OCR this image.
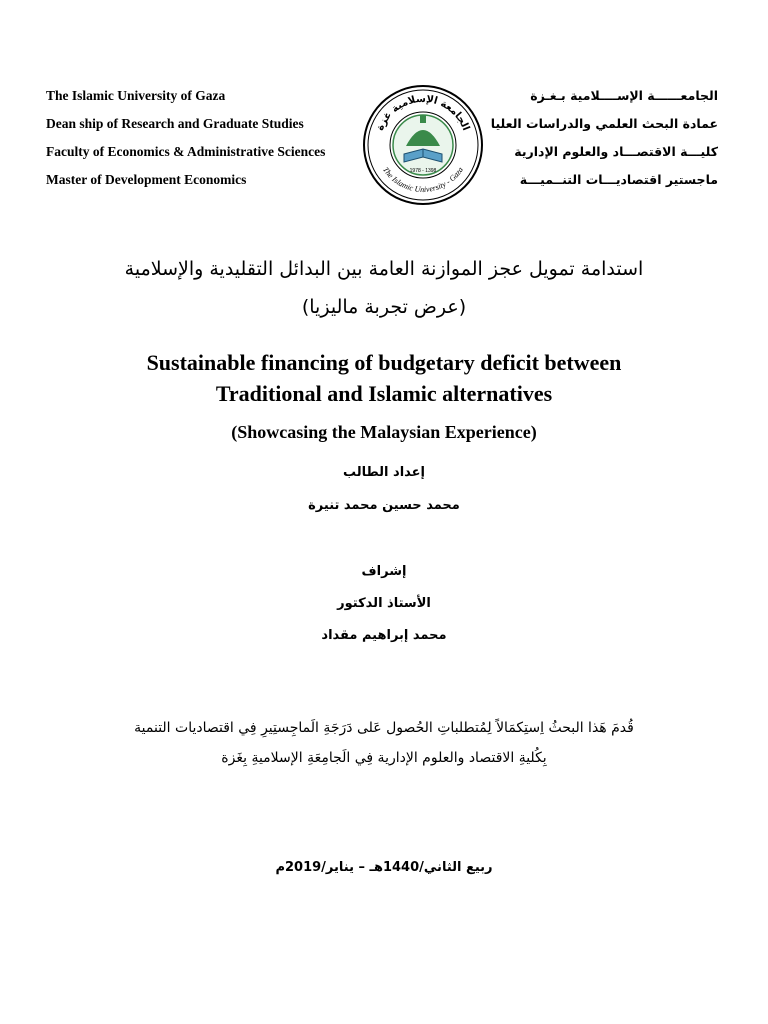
The Islamic University of Gaza
Dean ship of Research and Graduate Studies
Faculty of Economics & Administrative Sciences
Master of Development Economics
1978 - 1398
الجامعة الإسلامية غزة
The Islamic University - Gaza
الجامعــــــة الإســــلامية بـغـزة
عمادة البحث العلمي والدراسات العليا
كليـــة الاقتصـــاد والعلوم الإدارية
ماجستير اقتصاديـــات التنــميـــة
استدامة تمويل عجز الموازنة العامة بين البدائل التقليدية والإسلامية
(عرض تجربة ماليزيا)
Sustainable financing of budgetary deficit between
Traditional and Islamic alternatives
(Showcasing the Malaysian Experience)
إعداد الطالب
محمد حسين محمد تنيرة
إشراف
الأستاذ الدكتور
محمد إبراهيم مقداد
قُدمَ هَذا البحثُ اِستِكمَالاً لِمُتطلباتِ الحُصول عَلى دَرَجَةِ الَماجِستِيرِ فِي اقتصاديات التنمية
بِكُليةِ الاقتصاد والعلوم الإدارية فِي الَجامِعَةِ الإسلاميةِ بِغَزة
ربيع الثاني/1440هـ – يناير/2019م
